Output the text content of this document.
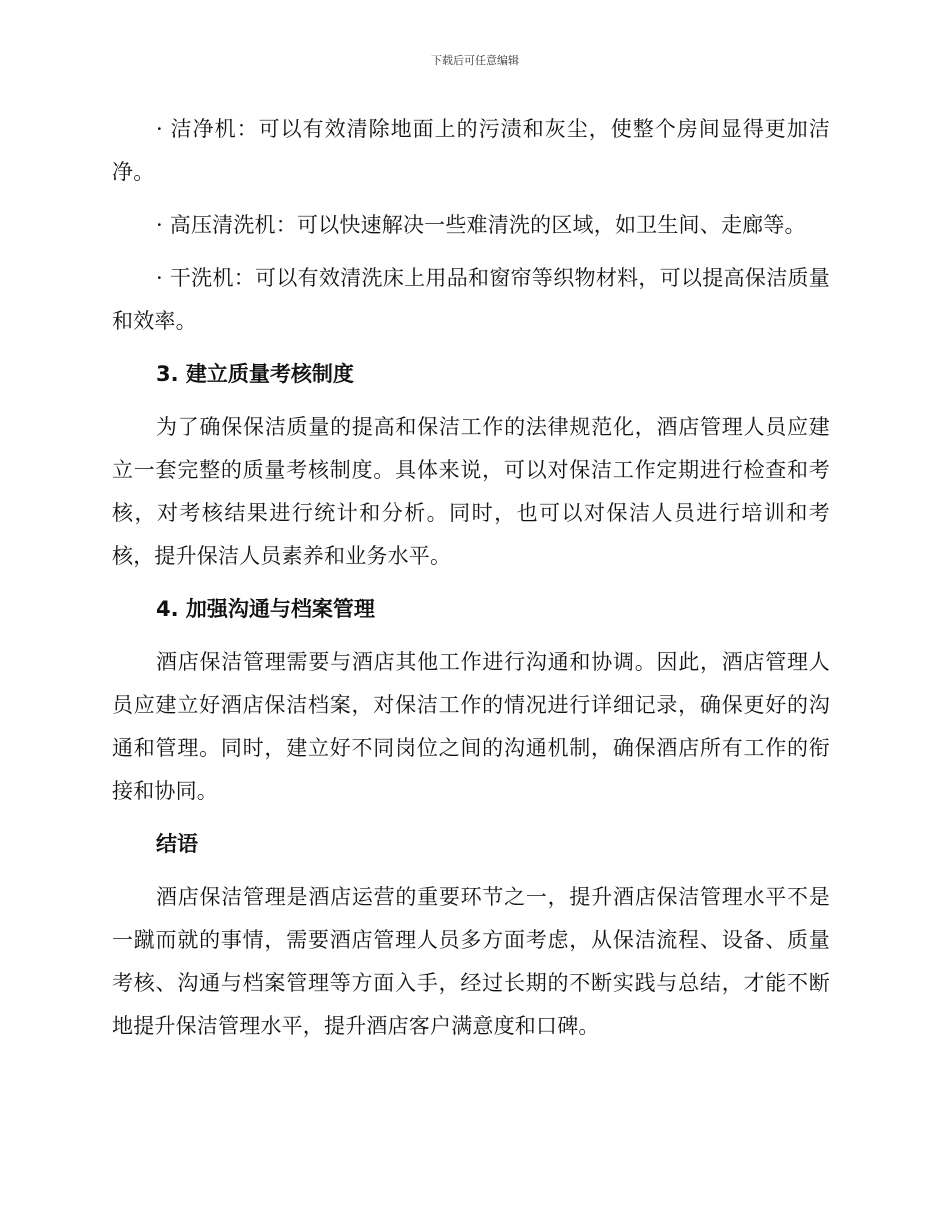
下载后可任意编辑

· 洁净机：可以有效清除地面上的污渍和灰尘，使整个房间显得更加洁净。

· 高压清洗机：可以快速解决一些难清洗的区域，如卫生间、走廊等。

· 干洗机：可以有效清洗床上用品和窗帘等织物材料，可以提高保洁质量和效率。

3. 建立质量考核制度

为了确保保洁质量的提高和保洁工作的法律规范化，酒店管理人员应建立一套完整的质量考核制度。具体来说，可以对保洁工作定期进行检查和考核，对考核结果进行统计和分析。同时，也可以对保洁人员进行培训和考核，提升保洁人员素养和业务水平。

4. 加强沟通与档案管理

酒店保洁管理需要与酒店其他工作进行沟通和协调。因此，酒店管理人员应建立好酒店保洁档案，对保洁工作的情况进行详细记录，确保更好的沟通和管理。同时，建立好不同岗位之间的沟通机制，确保酒店所有工作的衔接和协同。

结语

酒店保洁管理是酒店运营的重要环节之一，提升酒店保洁管理水平不是一蹴而就的事情，需要酒店管理人员多方面考虑，从保洁流程、设备、质量考核、沟通与档案管理等方面入手，经过长期的不断实践与总结，才能不断地提升保洁管理水平，提升酒店客户满意度和口碑。
